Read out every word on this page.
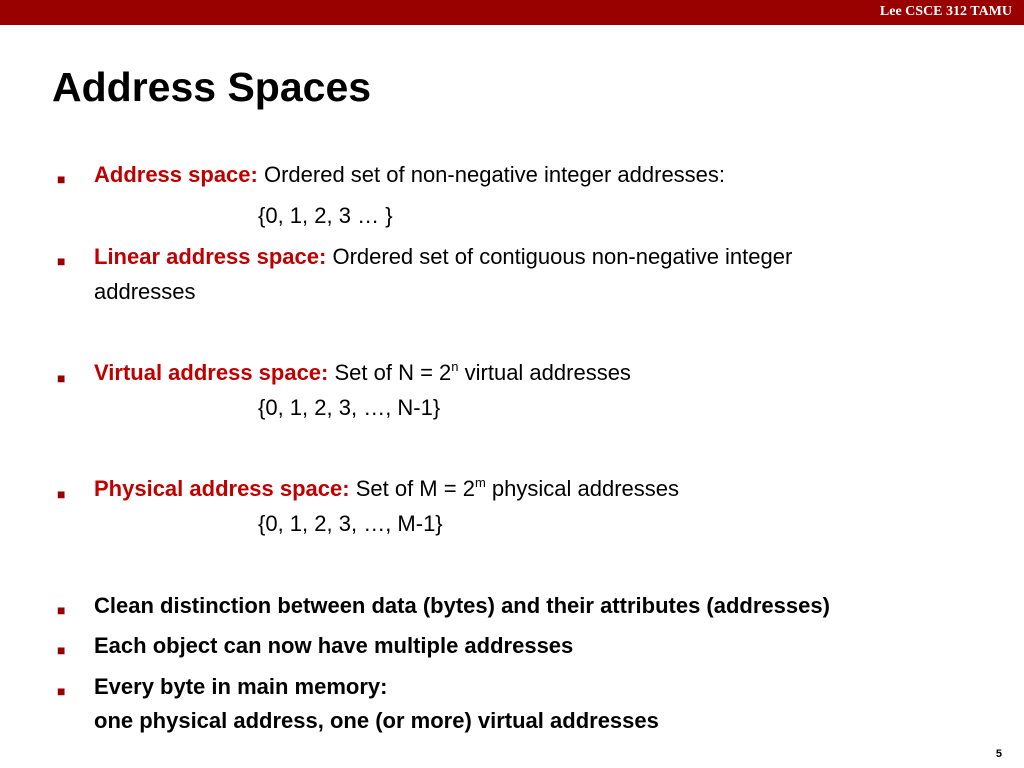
Lee CSCE 312 TAMU
Address Spaces
■ Address space: Ordered set of non-negative integer addresses:
{0, 1, 2, 3 … }
■ Linear address space: Ordered set of contiguous non-negative integer
addresses
■ Virtual address space: Set of $N = 2^n$ virtual addresses
{0, 1, 2, 3, …, N-1}
■ Physical address space: Set of $M = 2^m$ physical addresses
{0, 1, 2, 3, …, M-1}
■ Clean distinction between data (bytes) and their attributes (addresses)
■ Each object can now have multiple addresses
■ Every byte in main memory:
one physical address, one (or more) virtual addresses
5
